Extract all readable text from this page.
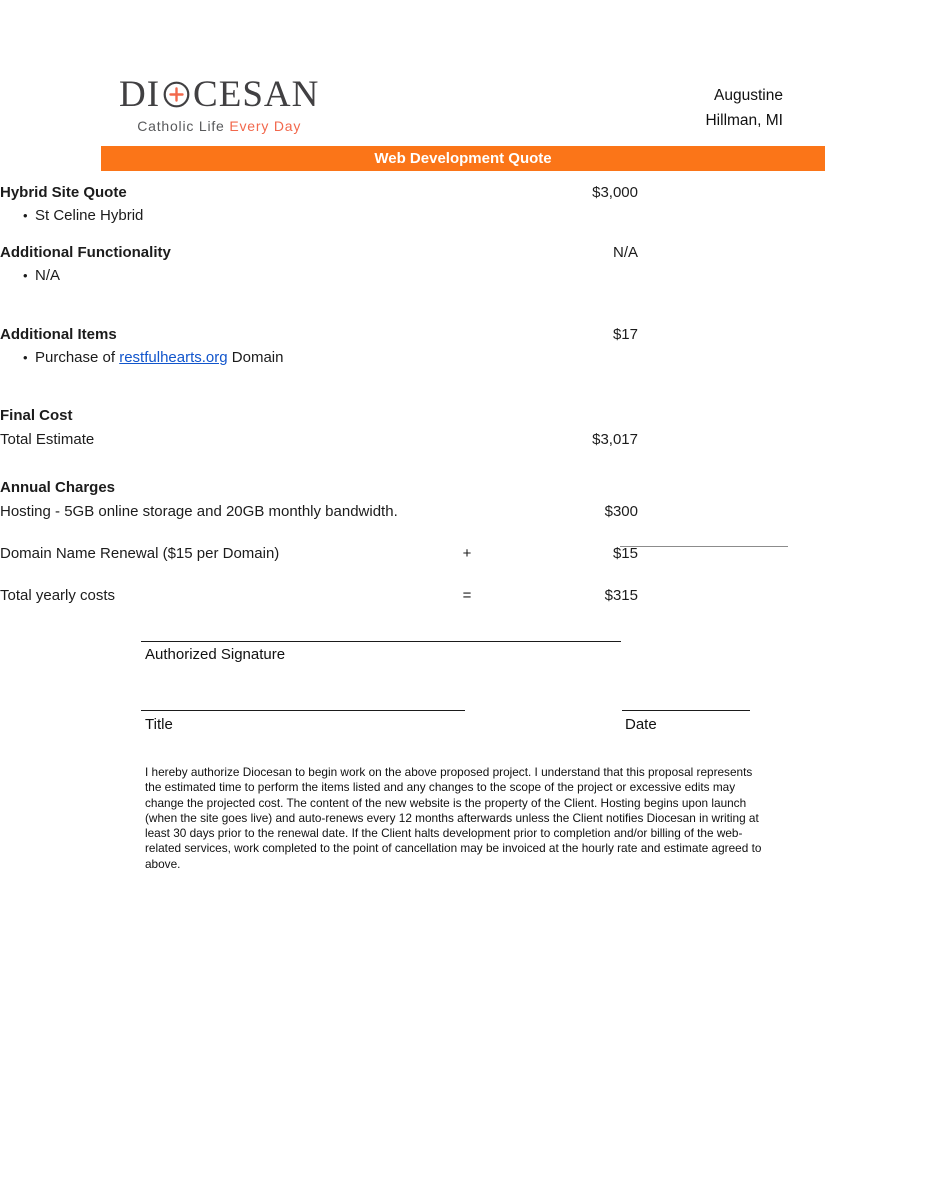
DI CESAN
Catholic Life Every Day
Augustine
Hillman, MI
Web Development Quote
Hybrid Site Quote	$3,000
• St Celine Hybrid
Additional Functionality	N/A
• N/A
Additional Items	$17
• Purchase of restfulhearts.org Domain
Final Cost
Total Estimate	$3,017
Annual Charges
Hosting - 5GB online storage and 20GB monthly bandwidth.	$300
Domain Name Renewal ($15 per Domain)	+	$15
Total yearly costs	=	$315
Authorized Signature
Title	Date
I hereby authorize Diocesan to begin work on the above proposed project. I understand that this proposal represents the estimated time to perform the items listed and any changes to the scope of the project or excessive edits may change the projected cost. The content of the new website is the property of the Client. Hosting begins upon launch (when the site goes live) and auto-renews every 12 months afterwards unless the Client notifies Diocesan in writing at least 30 days prior to the renewal date. If the Client halts development prior to completion and/or billing of the web-related services, work completed to the point of cancellation may be invoiced at the hourly rate and estimate agreed to above.
